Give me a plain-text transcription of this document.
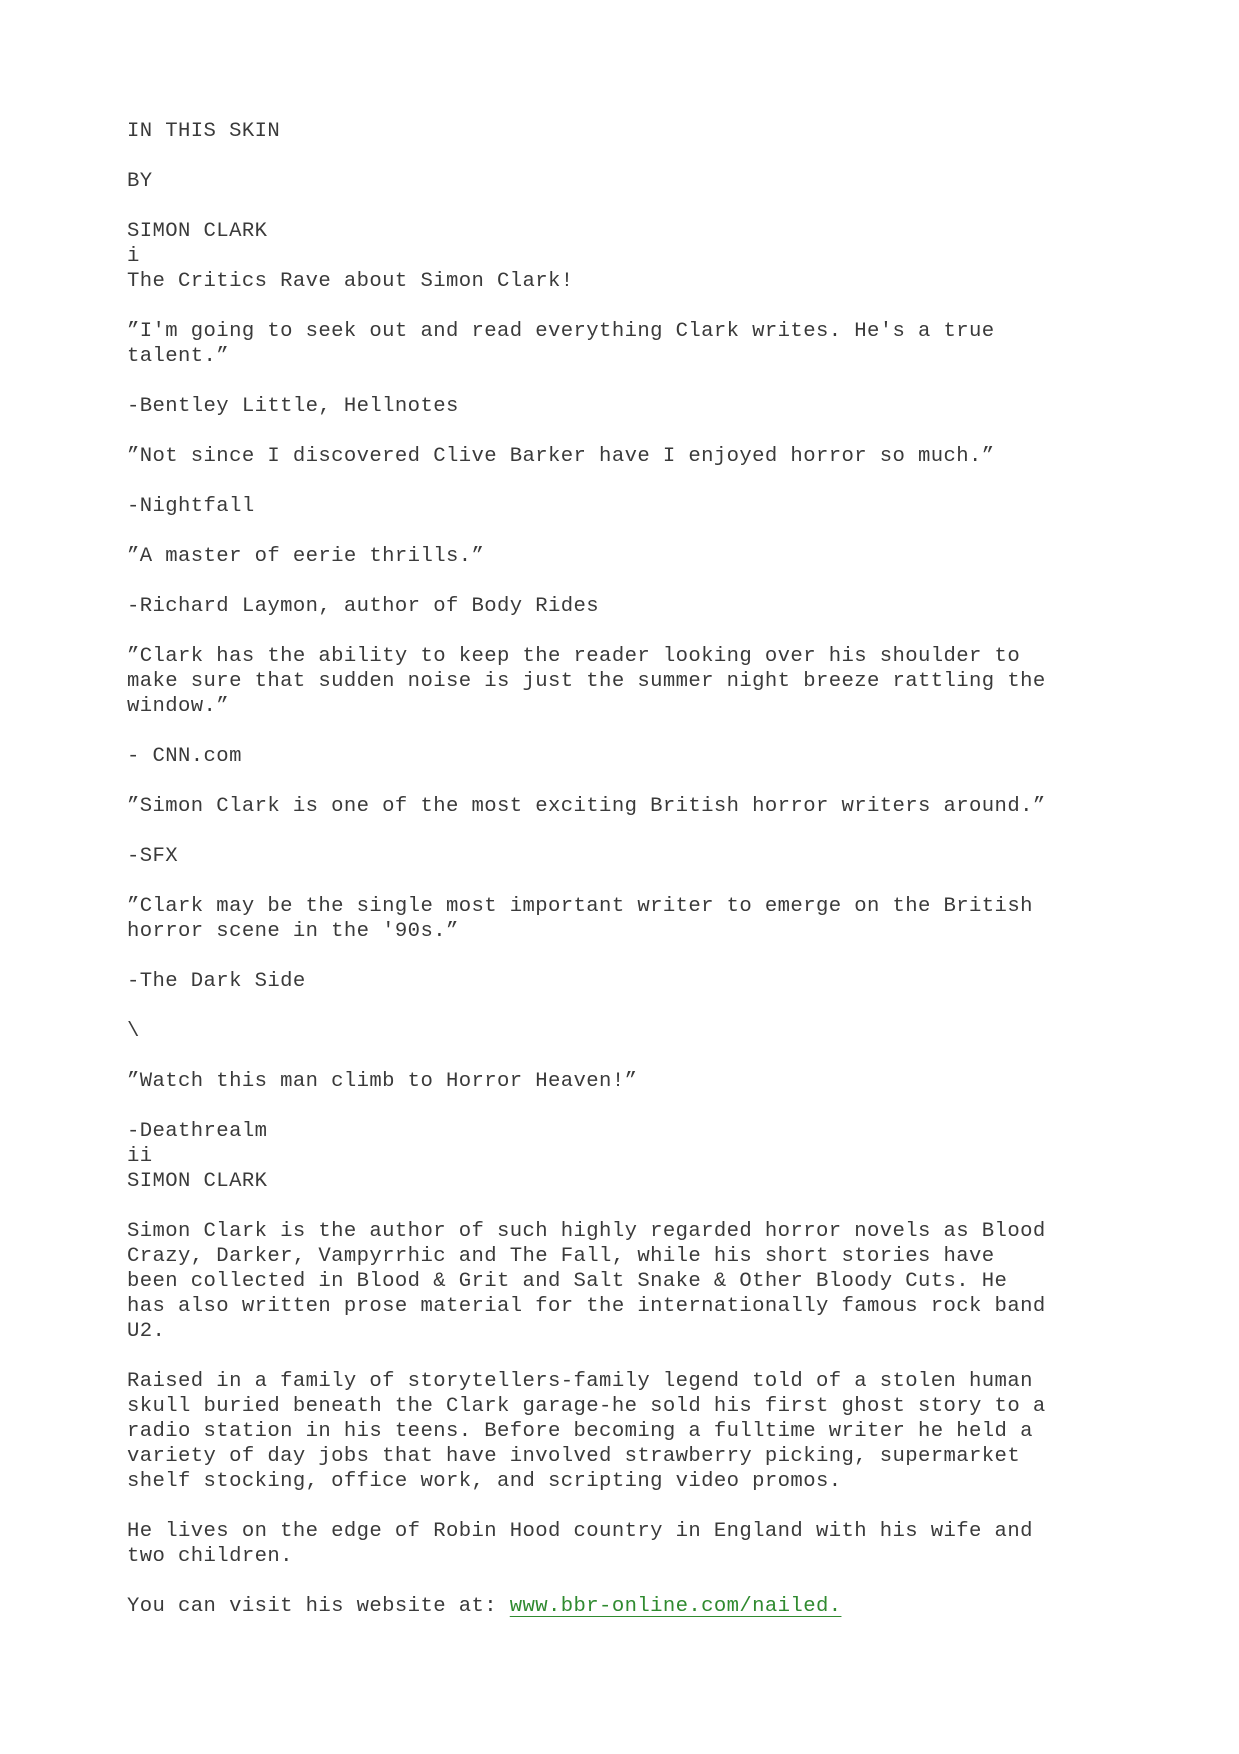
IN THIS SKIN
BY
SIMON CLARK
i
The Critics Rave about Simon Clark!
”I'm going to seek out and read everything Clark writes. He's a true
talent.”
-Bentley Little, Hellnotes
”Not since I discovered Clive Barker have I enjoyed horror so much.”
-Nightfall
”A master of eerie thrills.”
-Richard Laymon, author of Body Rides
”Clark has the ability to keep the reader looking over his shoulder to
make sure that sudden noise is just the summer night breeze rattling the
window.”
- CNN.com
”Simon Clark is one of the most exciting British horror writers around.”
-SFX
”Clark may be the single most important writer to emerge on the British
horror scene in the '90s.”
-The Dark Side
\
”Watch this man climb to Horror Heaven!”
-Deathrealm
ii
SIMON CLARK
Simon Clark is the author of such highly regarded horror novels as Blood
Crazy, Darker, Vampyrrhic and The Fall, while his short stories have
been collected in Blood & Grit and Salt Snake & Other Bloody Cuts. He
has also written prose material for the internationally famous rock band
U2.
Raised in a family of storytellers-family legend told of a stolen human
skull buried beneath the Clark garage-he sold his first ghost story to a
radio station in his teens. Before becoming a fulltime writer he held a
variety of day jobs that have involved strawberry picking, supermarket
shelf stocking, office work, and scripting video promos.
He lives on the edge of Robin Hood country in England with his wife and
two children.
You can visit his website at: www.bbr-online.com/nailed.
